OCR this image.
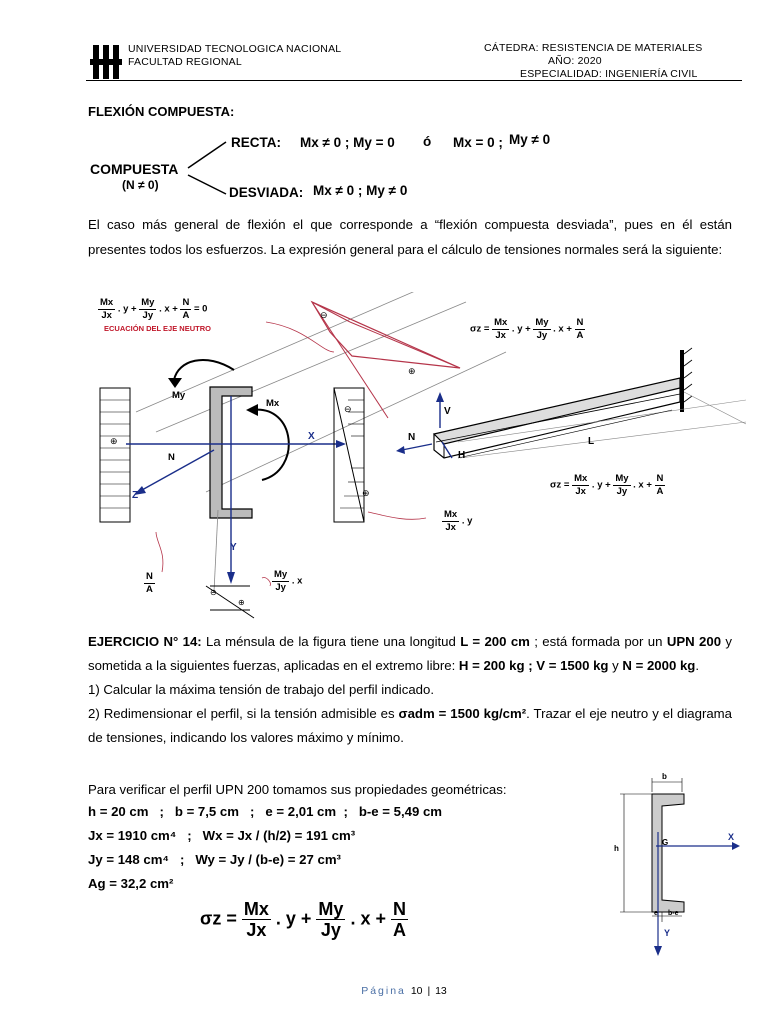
UNIVERSIDAD TECNOLOGICA NACIONAL
FACULTAD REGIONAL
CÁTEDRA: RESISTENCIA DE MATERIALES
AÑO: 2020
ESPECIALIDAD: INGENIERÍA CIVIL
FLEXIÓN COMPUESTA:
COMPUESTA
(N ≠ 0)
RECTA: Mx ≠ 0 ; My = 0 ó Mx = 0 ; My ≠ 0
DESVIADA: Mx ≠ 0 ; My ≠ 0

El caso más general de flexión el que corresponde a “flexión compuesta desviada”, pues en él están presentes todos los esfuerzos. La expresión general para el cálculo de tensiones normales será la siguiente:

⊕
$\frac{Mx}{Jx}$ . $y + \frac{My}{Jy}$ . $x + \frac{N}{A} = 0$
ECUACIÓN DEL EJE NEUTRO	$\sigma z = \frac{Mx}{Jx}$ . $y + \frac{My}{Jy}$ . $x + \frac{N}{A}$
$\sigma z = \frac{Mx}{Jx}$ . $y + \frac{My}{Jy}$ . $x + \frac{N}{A}$
$\frac{Mx}{Jx}$ . y
$\frac{N}{A}$	$\frac{My}{Jy}$ . x
My
Mx
X
N
Z
Y
⊖
⊕
⊖
⊕
⊖
⊕
V
N
H
L

EJERCICIO N° 14: La ménsula de la figura tiene una longitud L = 200 cm ; está formada por un UPN 200 y sometida a la siguientes fuerzas, aplicadas en el extremo libre: H = 200 kg ; V = 1500 kg y N = 2000 kg.

1) Calcular la máxima tensión de trabajo del perfil indicado.

2) Redimensionar el perfil, si la tensión admisible es σadm = 1500 kg/cm². Trazar el eje neutro y el diagrama de tensiones, indicando los valores máximo y mínimo.

Para verificar el perfil UPN 200 tomamos sus propiedades geométricas:
h = 20 cm   ;   b = 7,5 cm   ;   e = 2,01 cm  ;   b-e = 5,49 cm
Jx = 1910 cm⁴   ;   Wx = Jx / (h/2) = 191 cm³
Jy = 148 cm⁴   ;   Wy = Jy / (b-e) = 27 cm³
Ag = 32,2 cm²
$\sigma z = \frac{Mx}{Jx}$ . $y + \frac{My}{Jy}$ . $x + \frac{N}{A}$
b
h
G
X
Y
e b-e
Página 10 | 13
